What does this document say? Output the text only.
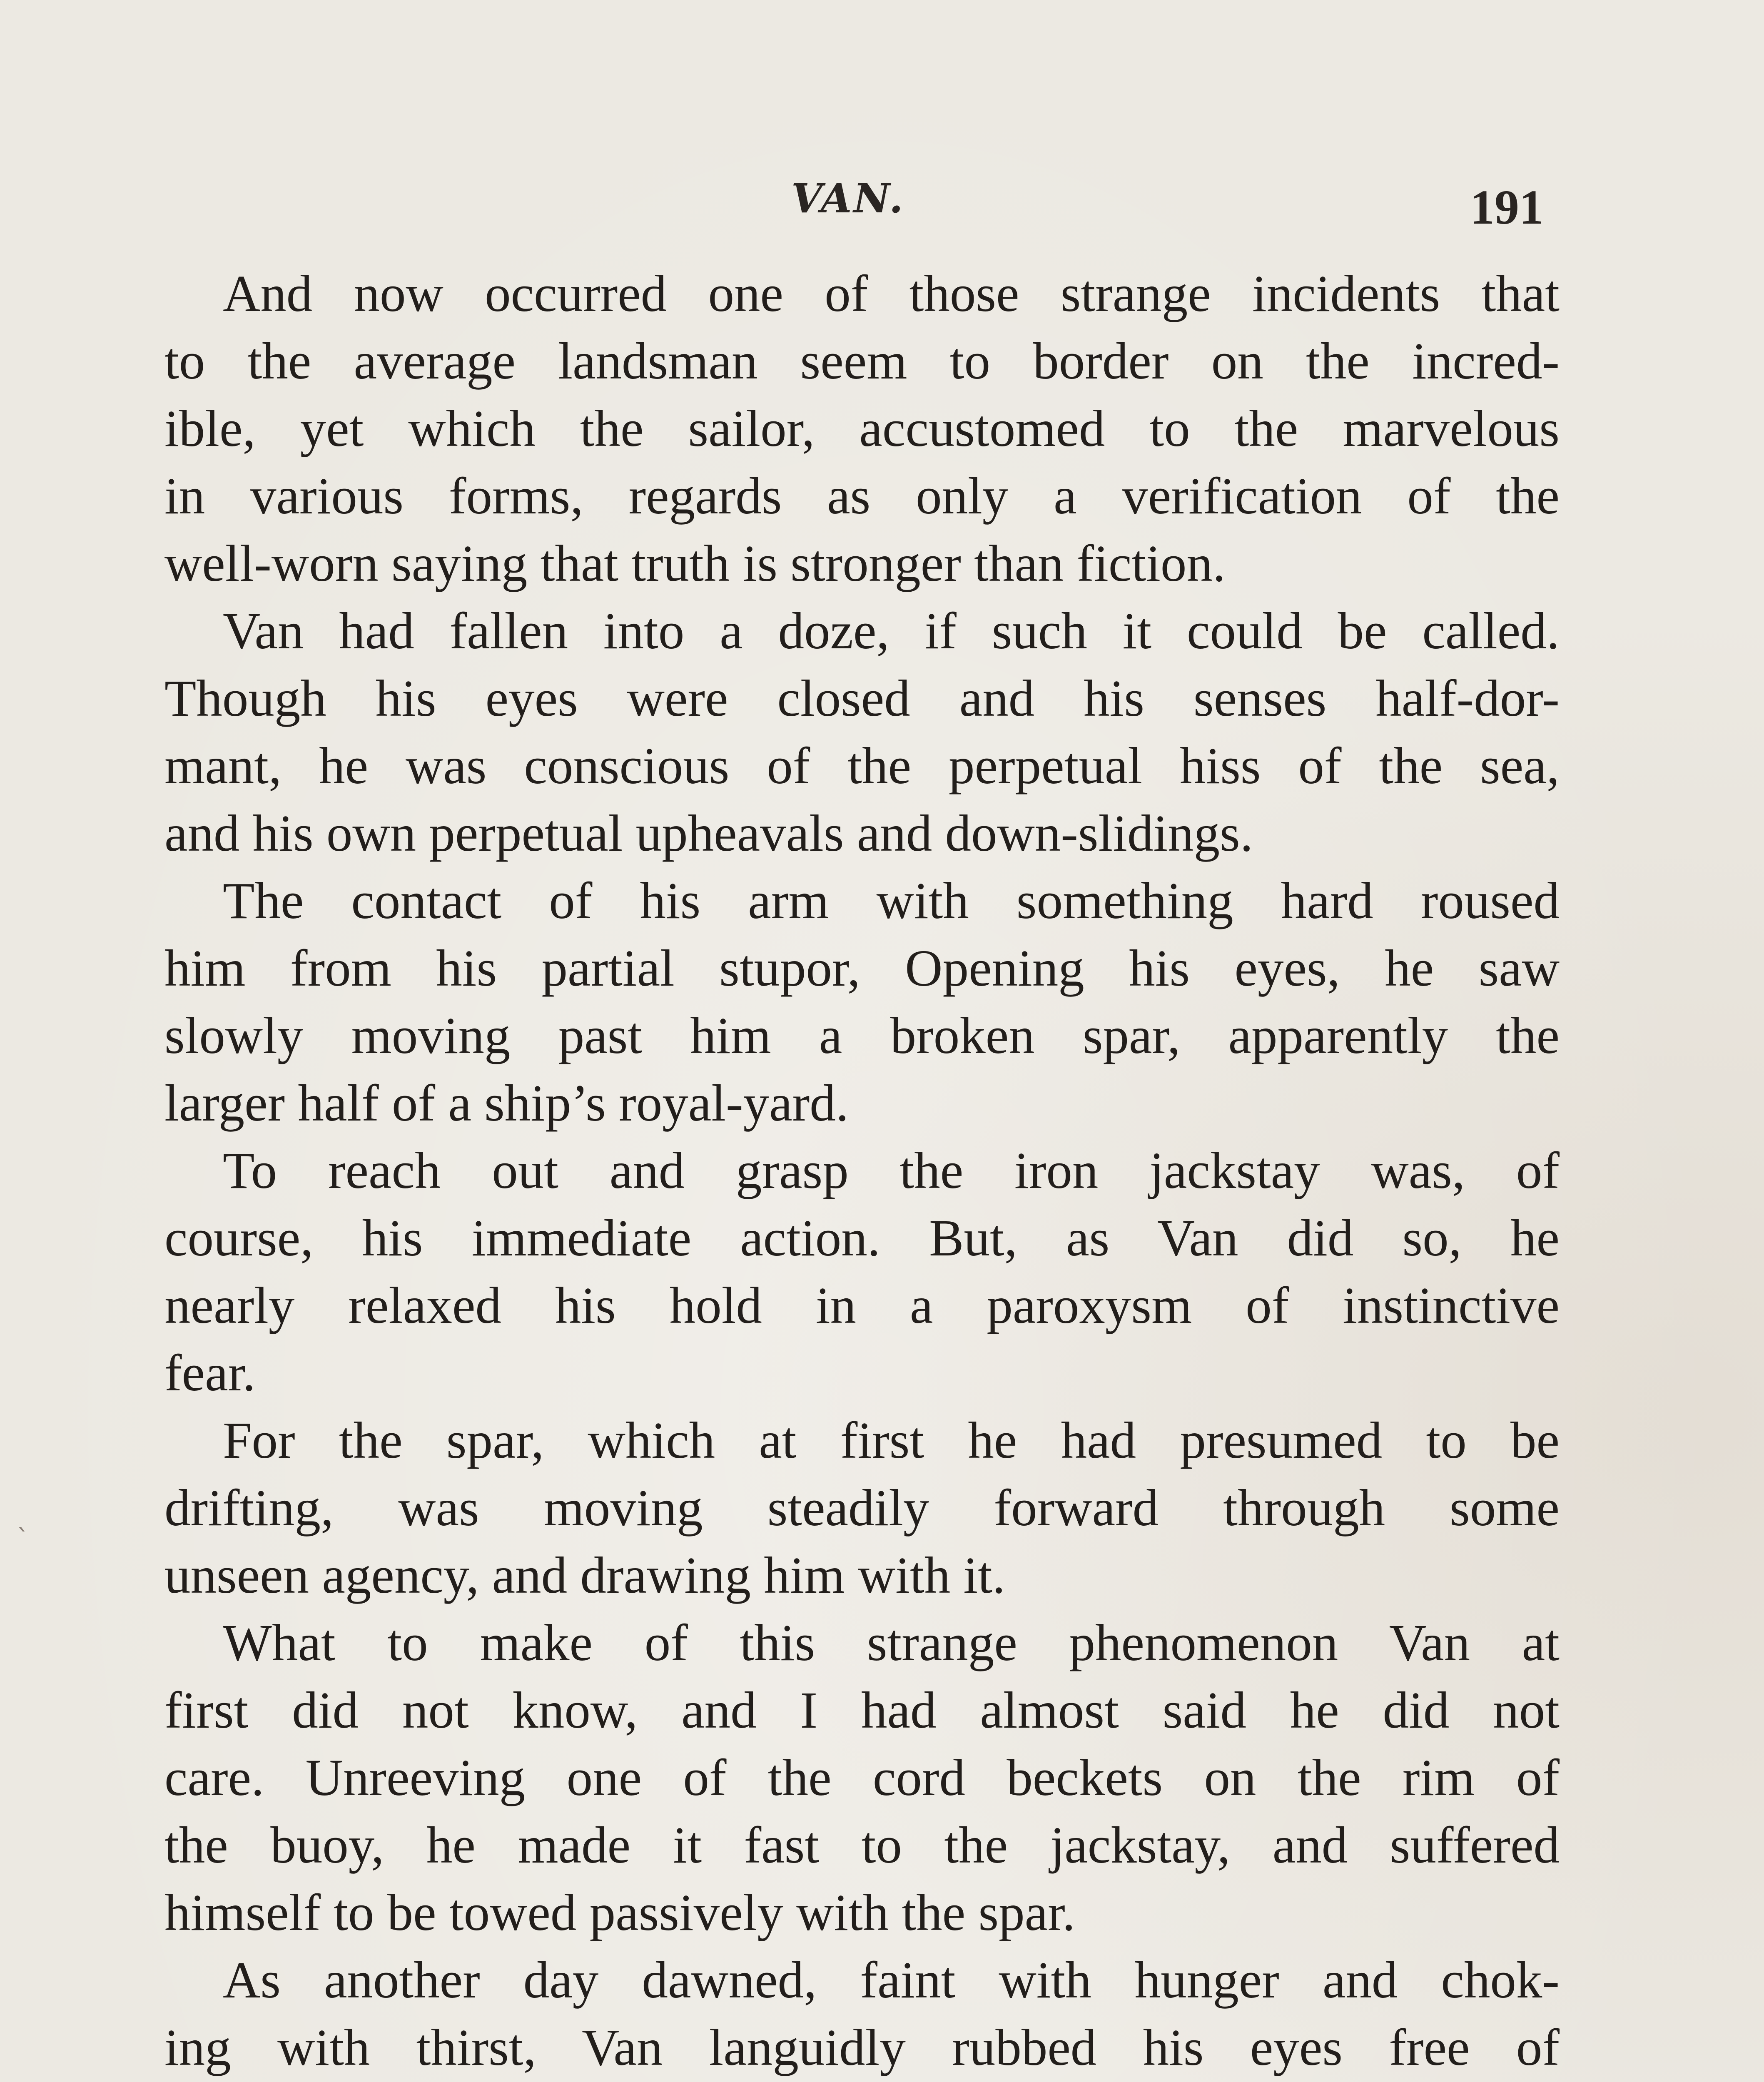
VAN.	191
And now occurred one of those strange incidents that
to the average landsman seem to border on the incred-
ible, yet which the sailor, accustomed to the marvelous
in various forms, regards as only a verification of the
well-worn saying that truth is stronger than fiction.
Van had fallen into a doze, if such it could be called.
Though his eyes were closed and his senses half-dor-
mant, he was conscious of the perpetual hiss of the sea,
and his own perpetual upheavals and down-slidings.
The contact of his arm with something hard roused
him from his partial stupor, Opening his eyes, he saw
slowly moving past him a broken spar, apparently the
larger half of a ship’s royal-yard.
To reach out and grasp the iron jackstay was, of
course, his immediate action. But, as Van did so, he
nearly relaxed his hold in a paroxysm of instinctive
fear.
For the spar, which at first he had presumed to be
drifting, was moving steadily forward through some
unseen agency, and drawing him with it.
What to make of this strange phenomenon Van at
first did not know, and I had almost said he did not
care. Unreeving one of the cord beckets on the rim of
the buoy, he made it fast to the jackstay, and suffered
himself to be towed passively with the spar.
As another day dawned, faint with hunger and chok-
ing with thirst, Van languidly rubbed his eyes free of
`
